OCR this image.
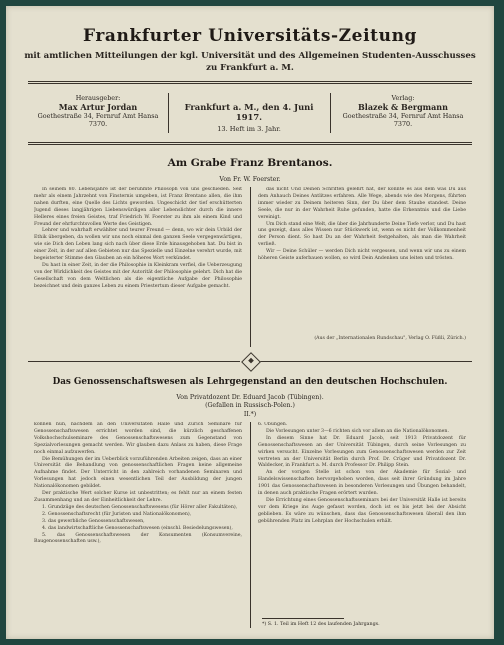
Frankfurter Universitäts-Zeitung
mit amtlichen Mitteilungen der kgl. Universität und des Allgemeinen Studenten-Ausschusses
zu Frankfurt a. M.
Herausgeber:
Max Artur Jordan
Goethestraße 34, Fernruf Amt Hansa 7370.
Frankfurt a. M., den 4. Juni 1917.
13. Heft im 3. Jahr.
Verlag:
Blazek & Bergmann
Goethestraße 34, Fernruf Amt Hansa 7370.
Am Grabe Franz Brentanos.
Von Fr. W. Foerster.

In seinem 80. Lebensjahre ist der berühmte Philosoph von uns geschieden. Seit mehr als einem Jahrzehnt von Finsternis umgeben, ist Franz Brentano allen, die ihm nahen durften, eine Quelle des Lichts geworden. Ungeschickt der tief erschütterten Jugend dieses langjährigen Liebenswürdigen aller Lebenslichter durch die innere Helleres eines freien Geistes, traf Friedrich W. Foerster zu ihm als einem Kind und Freund der ehrfurchtsvollen Werte des Geistigen.

Lehrer und wahrhaft erwählter und teurer Freund — denn, wo wir dein Urbild der Ethik übergeben, da wollen wir uns noch einmal den ganzen Seele vergegenwärtigen, wie sie Dich den Leben lang sich nach über diese Erde hinausgehoben hat. Du bist in einer Zeit, in der auf allen Gebieten nur das Spezielle und Einzelne verehrt wurde, mit begeisterter Stimme den Glauben an ein höheres Wort verkündet.

Du hast in einer Zeit, in der die Philosophie in Kleinkram verfiel, die Ueberzeugung von der Wirklichkeit des Geistes mit der Autorität der Philosophie gelehrt. Dich hat die Gesellschaft von dem Weltlichen als die eigentliche Aufgabe der Philosophie bezeichnet und dein ganzes Leben zu einem Priestertum dieser Aufgabe gemacht.

das nicht Und Deinen Schriften gelehrt hat, der konnte es aus dem was Du aus dem Anhauch Deines Antlitzes erfahren. Alle Wege, abends wie des Morgens, führten immer wieder zu Deinem heiteren Sinn, der Du über dem Staube standest. Deine Seele, die nur in der Wahrheit Ruhe gefunden, hatte die Erkenntnis und die Liebe vereinigt.

Um Dich stand eine Welt, die über die Jahrhunderte Deine Tiefe verlor, und Du hast uns gezeigt, dass alles Wissen nur Stückwerk ist, wenn es nicht der Vollkommenheit der Person dient. So hast Du an der Wahrheit festgehalten, als man die Wahrheit verließ.

Wir — Deine Schüler — werden Dich nicht vergessen, und wenn wir uns zu einem höheren Geiste auferbauen wollen, so wird Dein Andenken uns leiten und trösten.

(Aus der „Internationalen Rundschau", Verlag O. Füßli, Zürich.)
Das Genossenschaftswesen als Lehrgegenstand an den deutschen Hochschulen.
Von Privatdozent Dr. Eduard Jacob (Tübingen).
(Gefallen in Russisch-Polen.)
II.*)

können nun, nachdem an den Universitäten Halle und Zürich Seminare für Genossenschaftswesen errichtet worden sind, die kürzlich geschaffenen Volkshochschulseminare des Genossenschaftswesens zum Gegenstand von Spezialvorlesungen gemacht werden. Wir glauben dazu Anlass zu haben, diese Frage noch einmal aufzuwerfen.

Die Bemühungen der im Ueberblick vorzuführenden Arbeiten zeigen, dass an einer Universität die Behandlung von genossenschaftlichen Fragen keine allgemeine Aufnahme findet. Der Unterricht in den zahlreich vorhandenen Seminaren und Vorlesungen hat jedoch einen wesentlichen Teil der Ausbildung der jungen Nationalökonomen gebildet.

Der praktische Wert solcher Kurse ist unbestritten; es fehlt nur an einem festen Zusammenhang und an der Einheitlichkeit der Lehre.

1. Grundzüge des deutschen Genossenschaftswesens (für Hörer aller Fakultäten),

2. Genossenschaftsrecht (für Juristen und Nationalökonomen),

3. das gewerbliche Genossenschaftswesen,

4. das landwirtschaftliche Genossenschaftswesen (einschl. Besiedelungswesen),

5. das Genossenschaftswesen der Konsumenten (Konsumvereine, Baugenossenschaften usw.),

6. Übungen.

Die Vorlesungen unter 3—6 richten sich vor allem an die Nationalökonomen.

In diesem Sinne hat Dr. Eduard Jacob, seit 1913 Privatdozent für Genossenschaftswesen an der Universität Tübingen, durch seine Vorlesungen zu wirken versucht. Einzelne Vorlesungen zum Genossenschaftswesen werden zur Zeit vertreten an der Universität Berlin durch Prof. Dr. Crüger und Privatdozent Dr. Waldecker, in Frankfurt a. M. durch Professor Dr. Philipp Stein.

An der vorigen Stelle ist schon von der Akademie für Sozial- und Handelswissenschaften hervorgehoben worden, dass seit ihrer Gründung im Jahre 1901 das Genossenschaftswesen in besonderen Vorlesungen und Übungen behandelt, in denen auch praktische Fragen erörtert wurden.

Die Errichtung eines Genossenschaftsseminars bei der Universität Halle ist bereits vor dem Kriege ins Auge gefasst worden, doch ist es bis jetzt bei der Absicht geblieben. Es wäre zu wünschen, dass das Genossenschaftswesen überall den ihm gebührenden Platz im Lehrplan der Hochschulen erhält.

*) S. 1. Teil im Heft 12 des laufenden Jahrgangs.
